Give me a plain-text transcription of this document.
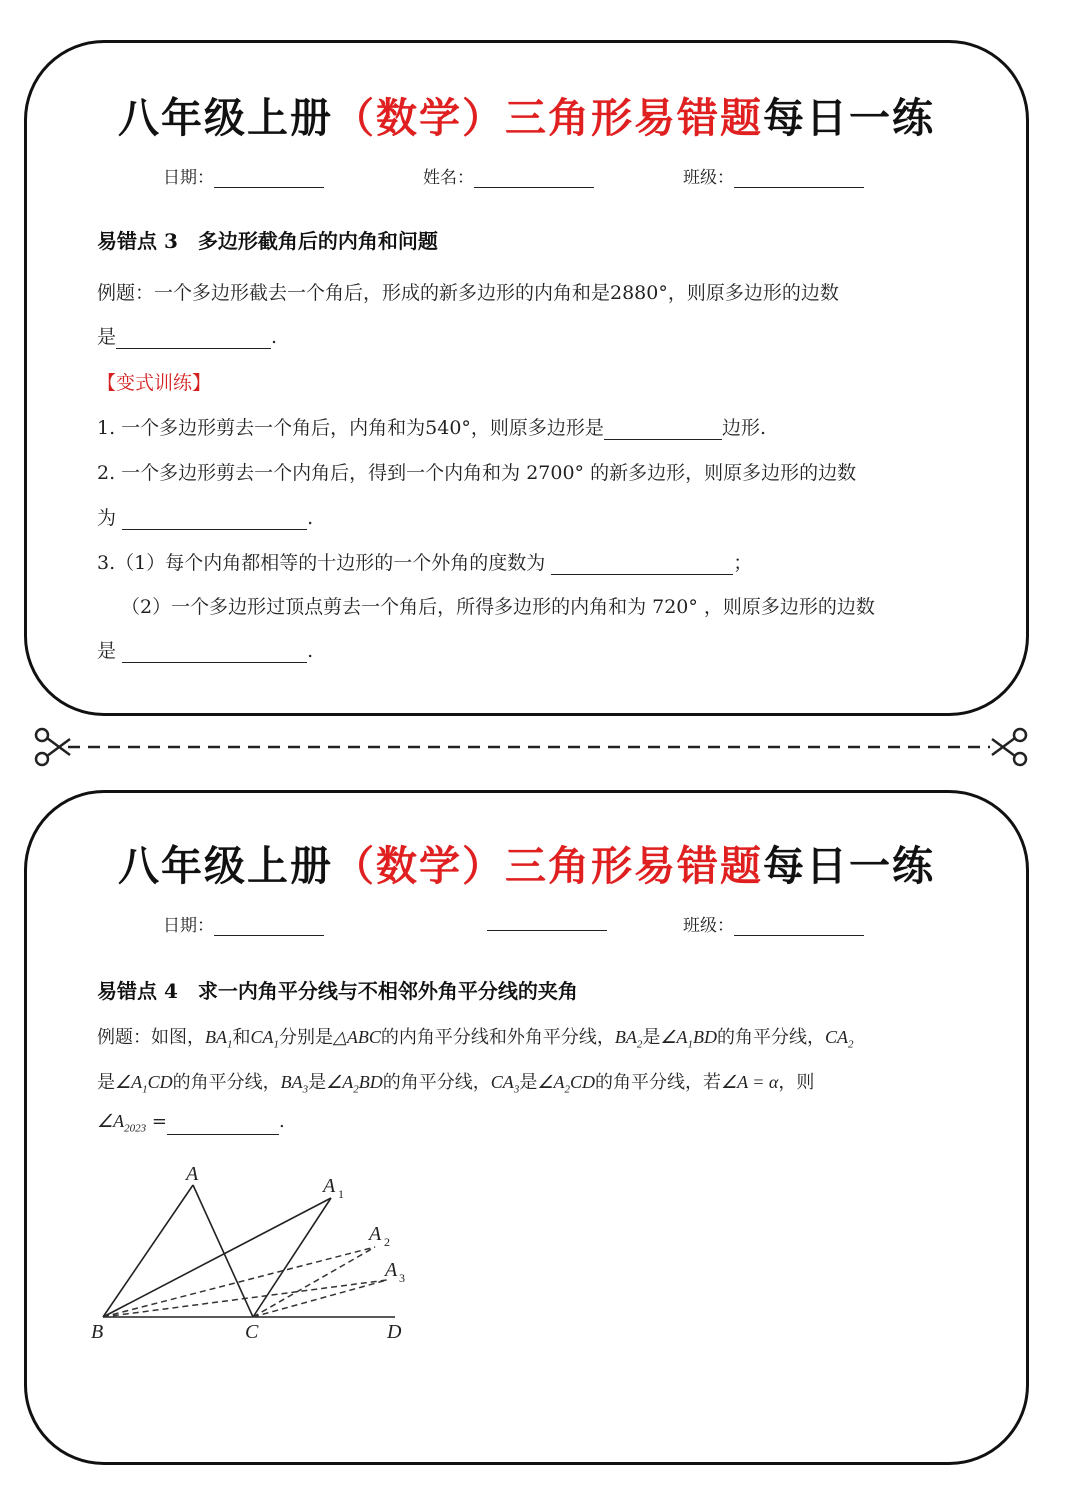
八年级上册（数学）三角形易错题每日一练
日期：	姓名：	班级：
易错点 3　多边形截角后的内角和问题
例题：一个多边形截去一个角后，形成的新多边形的内角和是2880°，则原多边形的边数
是	.
【变式训练】
1. 一个多边形剪去一个角后，内角和为540°，则原多边形是	边形.
2. 一个多边形剪去一个内角后，得到一个内角和为 2700° 的新多边形，则原多边形的边数
为	.
3.（1）每个内角都相等的十边形的一个外角的度数为	；
（2）一个多边形过顶点剪去一个角后，所得多边形的内角和为 720° ，则原多边形的边数
是	.
八年级上册（数学）三角形易错题每日一练
日期：	班级：
易错点 4　求一内角平分线与不相邻外角平分线的夹角
例题：如图，$BA_1$和$CA_1$分别是△ABC的内角平分线和外角平分线，$BA_2$是$\angle A_1BD$的角平分线，$CA_2$
是$\angle A_1CD$的角平分线，$BA_3$是$\angle A_2BD$的角平分线，$CA_3$是$\angle A_2CD$的角平分线，若∠A = α，则
$\angle A_{2023}$ =	.
A
A
A
A
B	C	D
1
2
3
